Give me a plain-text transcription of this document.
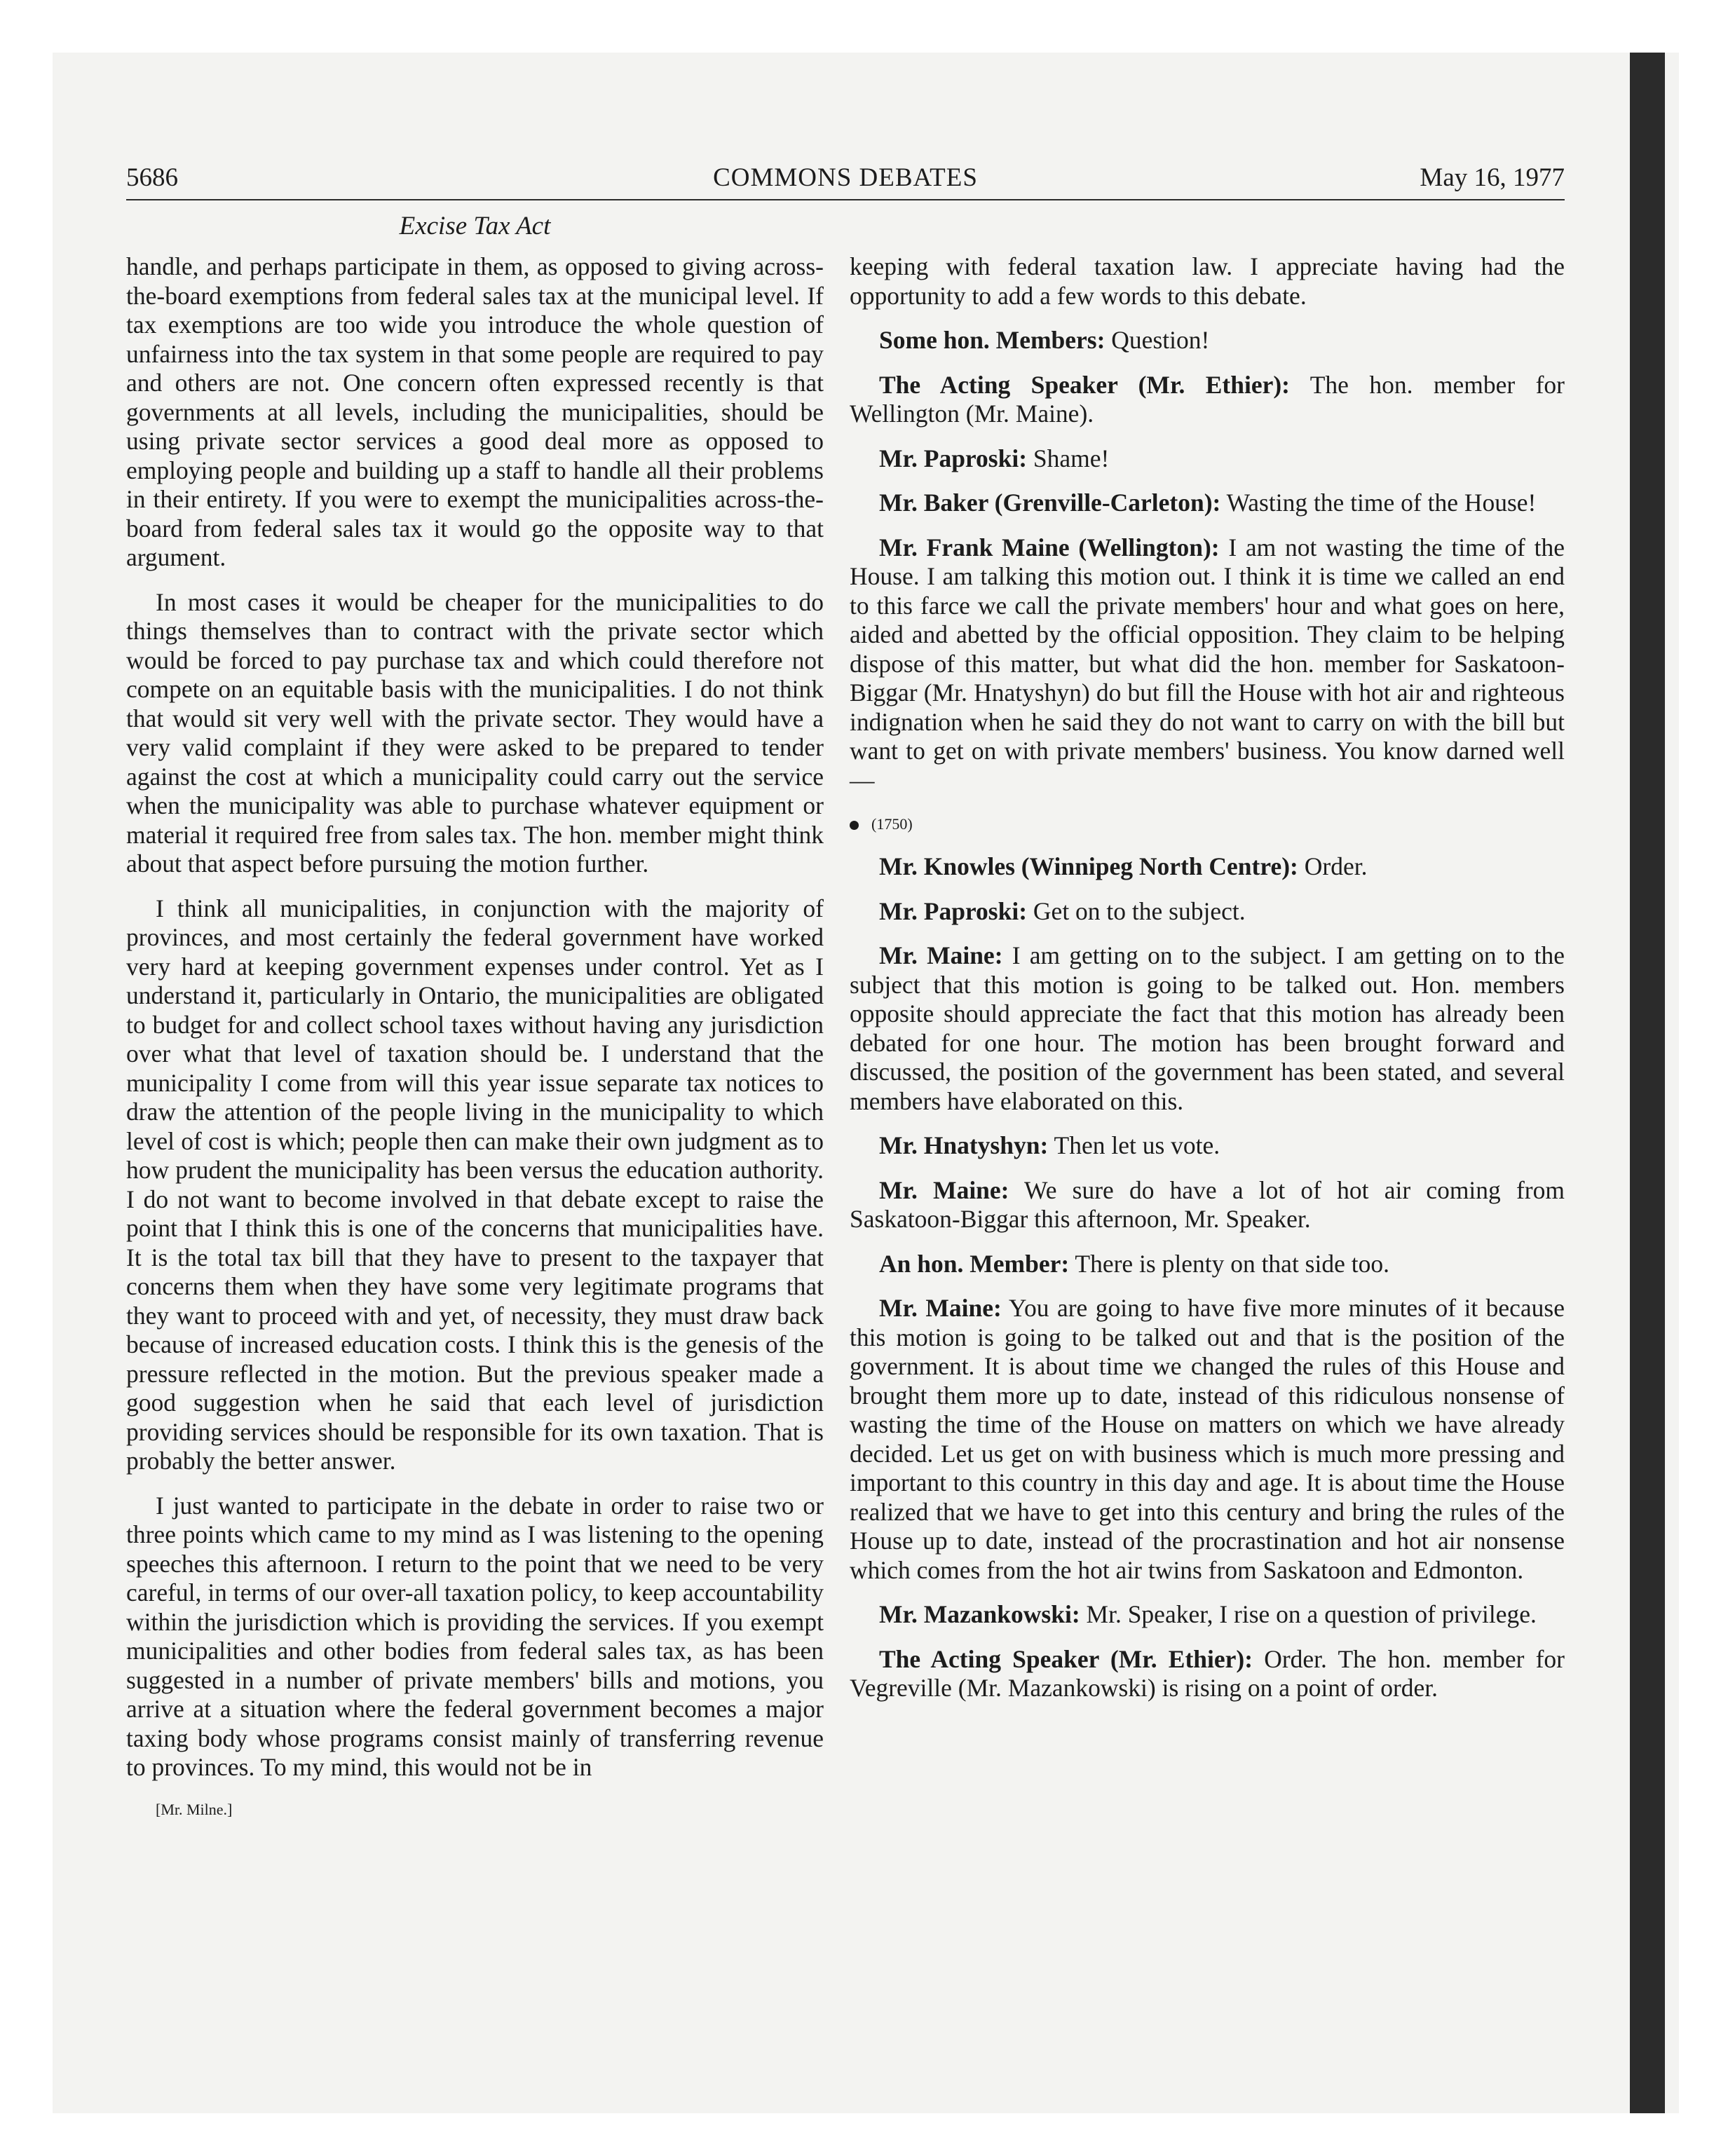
5686	COMMONS DEBATES	May 16, 1977
Excise Tax Act

handle, and perhaps participate in them, as opposed to giving across-the-board exemptions from federal sales tax at the municipal level. If tax exemptions are too wide you introduce the whole question of unfairness into the tax system in that some people are required to pay and others are not. One concern often expressed recently is that governments at all levels, including the municipalities, should be using private sector services a good deal more as opposed to employing people and building up a staff to handle all their problems in their entirety. If you were to exempt the municipalities across-the-board from federal sales tax it would go the opposite way to that argument.

In most cases it would be cheaper for the municipalities to do things themselves than to contract with the private sector which would be forced to pay purchase tax and which could therefore not compete on an equitable basis with the municipalities. I do not think that would sit very well with the private sector. They would have a very valid complaint if they were asked to be prepared to tender against the cost at which a municipality could carry out the service when the municipality was able to purchase whatever equipment or material it required free from sales tax. The hon. member might think about that aspect before pursuing the motion further.

I think all municipalities, in conjunction with the majority of provinces, and most certainly the federal government have worked very hard at keeping government expenses under control. Yet as I understand it, particularly in Ontario, the municipalities are obligated to budget for and collect school taxes without having any jurisdiction over what that level of taxation should be. I understand that the municipality I come from will this year issue separate tax notices to draw the attention of the people living in the municipality to which level of cost is which; people then can make their own judgment as to how prudent the municipality has been versus the education authority. I do not want to become involved in that debate except to raise the point that I think this is one of the concerns that municipalities have. It is the total tax bill that they have to present to the taxpayer that concerns them when they have some very legitimate programs that they want to proceed with and yet, of necessity, they must draw back because of increased education costs. I think this is the genesis of the pressure reflected in the motion. But the previous speaker made a good suggestion when he said that each level of jurisdiction providing services should be responsible for its own taxation. That is probably the better answer.

I just wanted to participate in the debate in order to raise two or three points which came to my mind as I was listening to the opening speeches this afternoon. I return to the point that we need to be very careful, in terms of our over-all taxation policy, to keep accountability within the jurisdiction which is providing the services. If you exempt municipalities and other bodies from federal sales tax, as has been suggested in a number of private members' bills and motions, you arrive at a situation where the federal government becomes a major taxing body whose programs consist mainly of transferring revenue to provinces. To my mind, this would not be in

[Mr. Milne.]

keeping with federal taxation law. I appreciate having had the opportunity to add a few words to this debate.

Some hon. Members: Question!

The Acting Speaker (Mr. Ethier): The hon. member for Wellington (Mr. Maine).

Mr. Paproski: Shame!

Mr. Baker (Grenville-Carleton): Wasting the time of the House!

Mr. Frank Maine (Wellington): I am not wasting the time of the House. I am talking this motion out. I think it is time we called an end to this farce we call the private members' hour and what goes on here, aided and abetted by the official opposition. They claim to be helping dispose of this matter, but what did the hon. member for Saskatoon-Biggar (Mr. Hnatyshyn) do but fill the House with hot air and righteous indignation when he said they do not want to carry on with the bill but want to get on with private members' business. You know darned well—

(1750)

Mr. Knowles (Winnipeg North Centre): Order.

Mr. Paproski: Get on to the subject.

Mr. Maine: I am getting on to the subject. I am getting on to the subject that this motion is going to be talked out. Hon. members opposite should appreciate the fact that this motion has already been debated for one hour. The motion has been brought forward and discussed, the position of the government has been stated, and several members have elaborated on this.

Mr. Hnatyshyn: Then let us vote.

Mr. Maine: We sure do have a lot of hot air coming from Saskatoon-Biggar this afternoon, Mr. Speaker.

An hon. Member: There is plenty on that side too.

Mr. Maine: You are going to have five more minutes of it because this motion is going to be talked out and that is the position of the government. It is about time we changed the rules of this House and brought them more up to date, instead of this ridiculous nonsense of wasting the time of the House on matters on which we have already decided. Let us get on with business which is much more pressing and important to this country in this day and age. It is about time the House realized that we have to get into this century and bring the rules of the House up to date, instead of the procrastination and hot air nonsense which comes from the hot air twins from Saskatoon and Edmonton.

Mr. Mazankowski: Mr. Speaker, I rise on a question of privilege.

The Acting Speaker (Mr. Ethier): Order. The hon. member for Vegreville (Mr. Mazankowski) is rising on a point of order.
